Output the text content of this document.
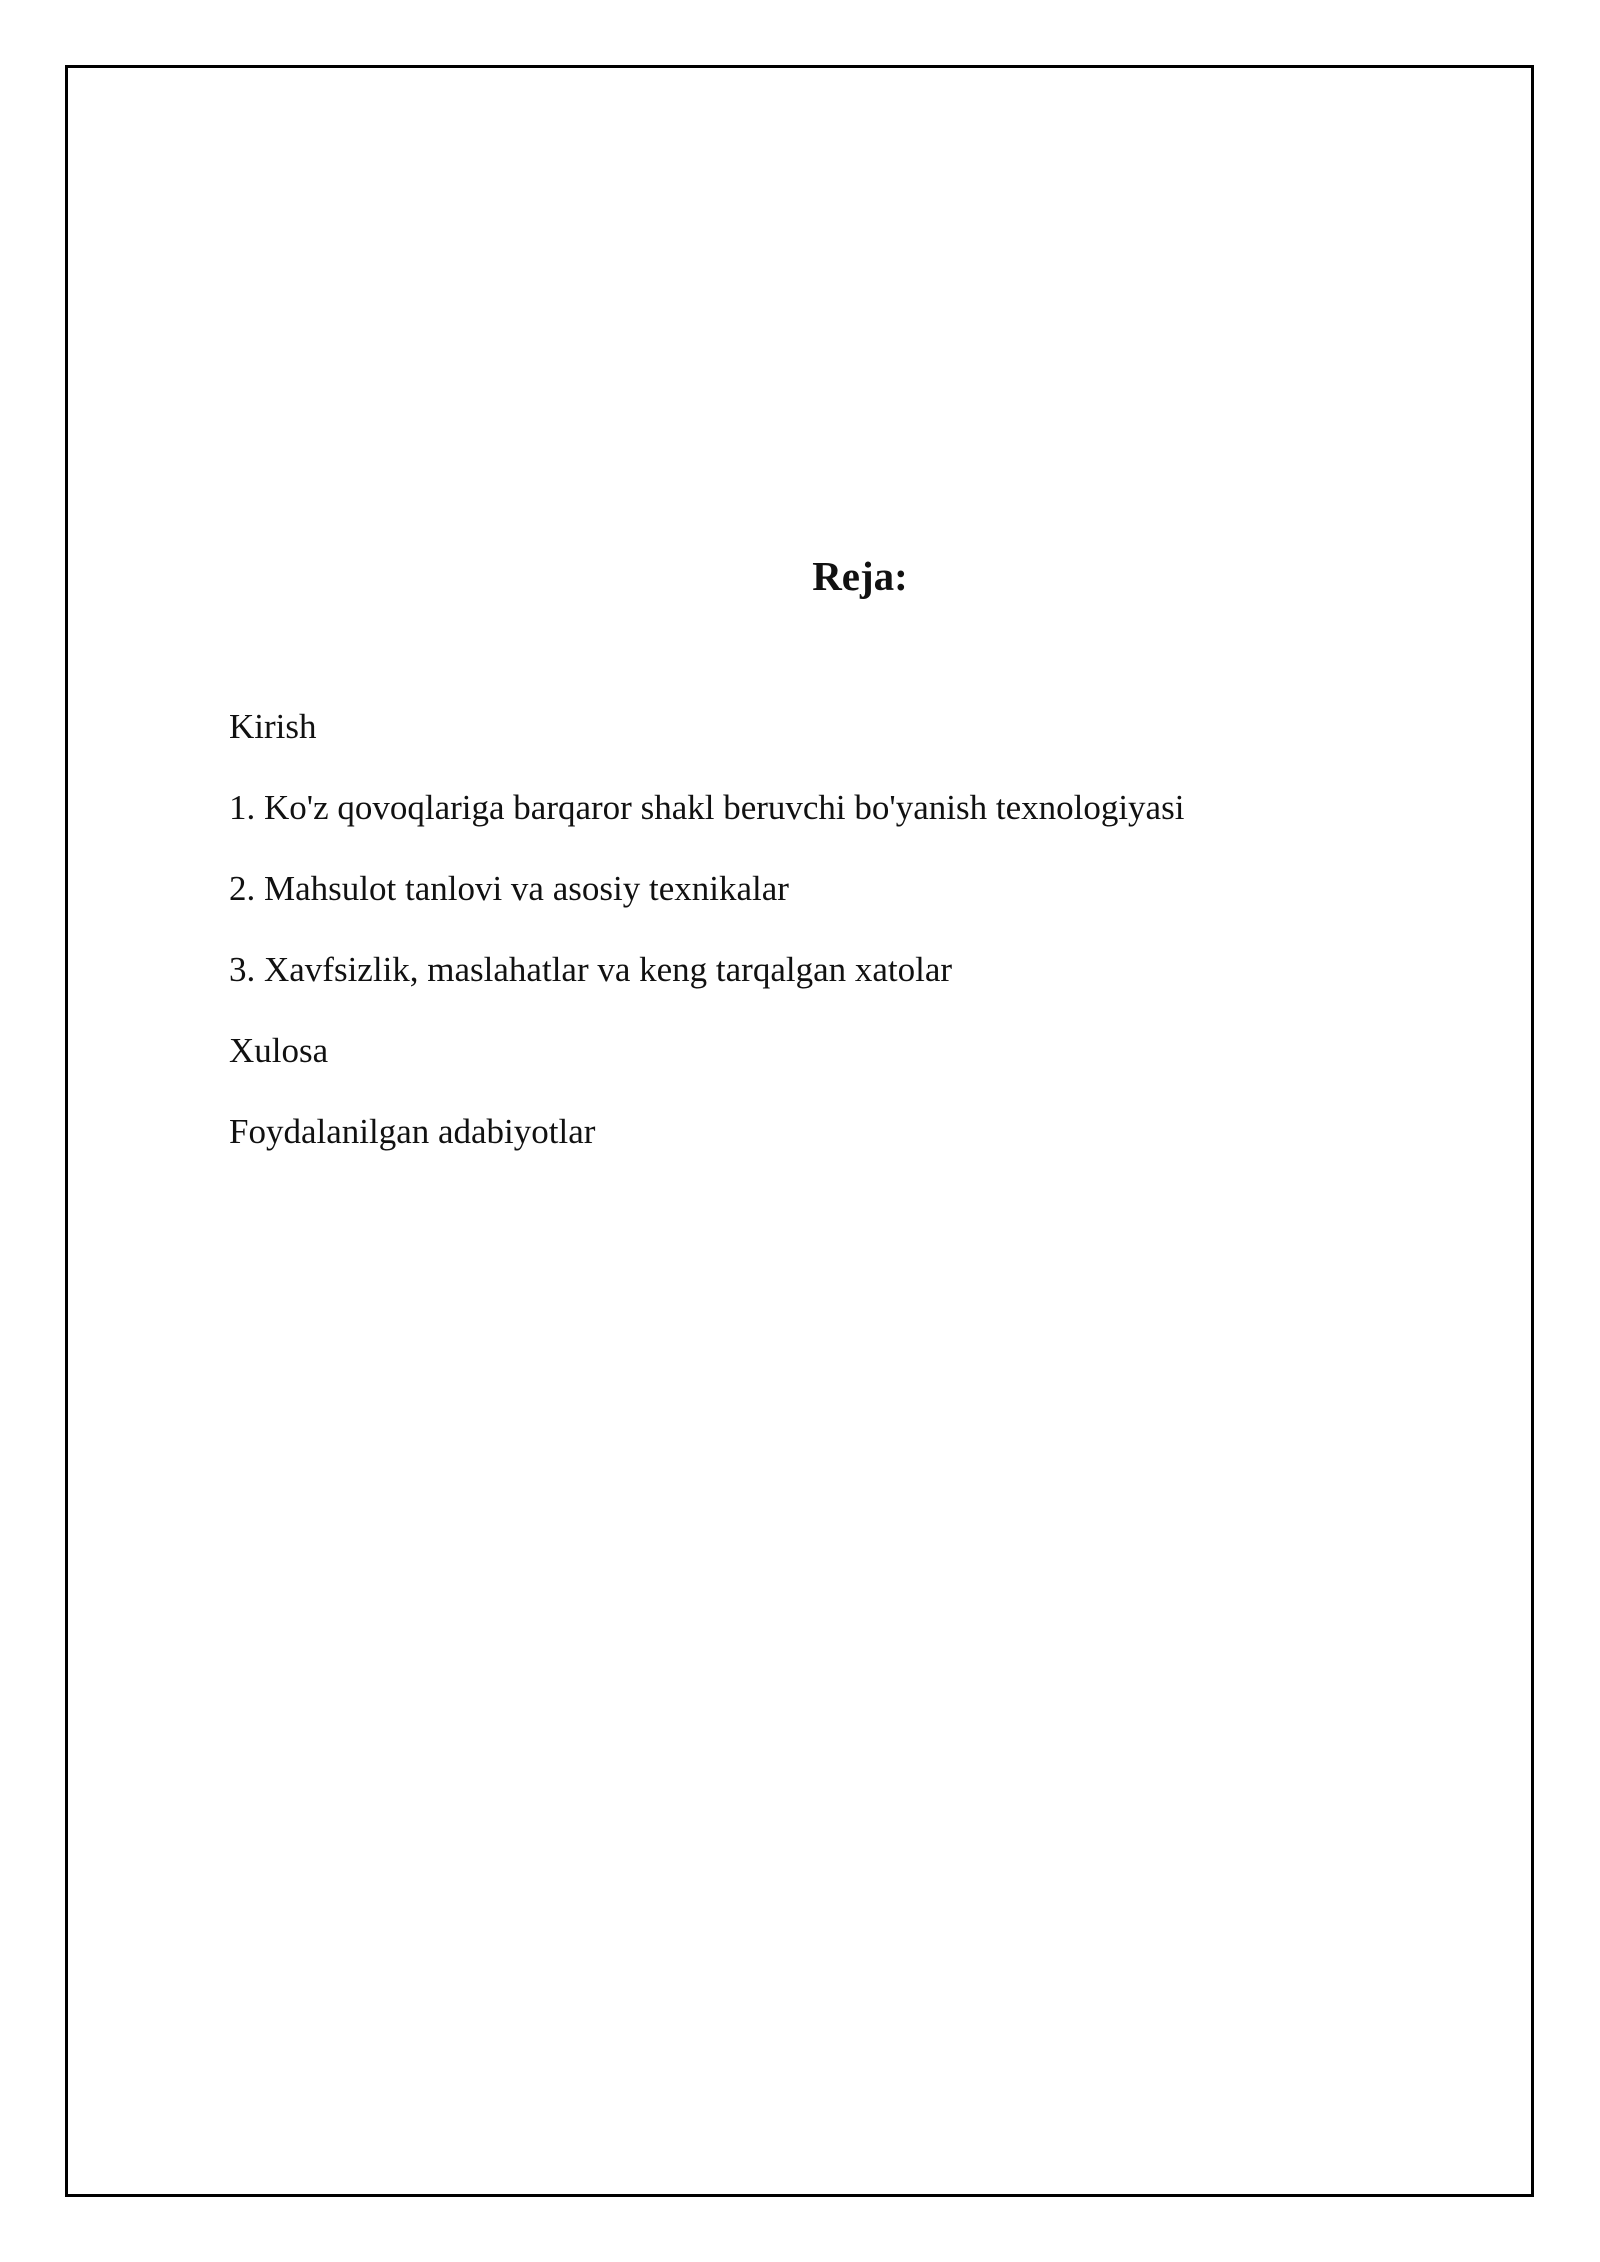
Reja:
Kirish
1. Ko'z qovoqlariga barqaror shakl beruvchi bo'yanish texnologiyasi
2. Mahsulot tanlovi va asosiy texnikalar
3. Xavfsizlik, maslahatlar va keng tarqalgan xatolar
Xulosa
Foydalanilgan adabiyotlar
